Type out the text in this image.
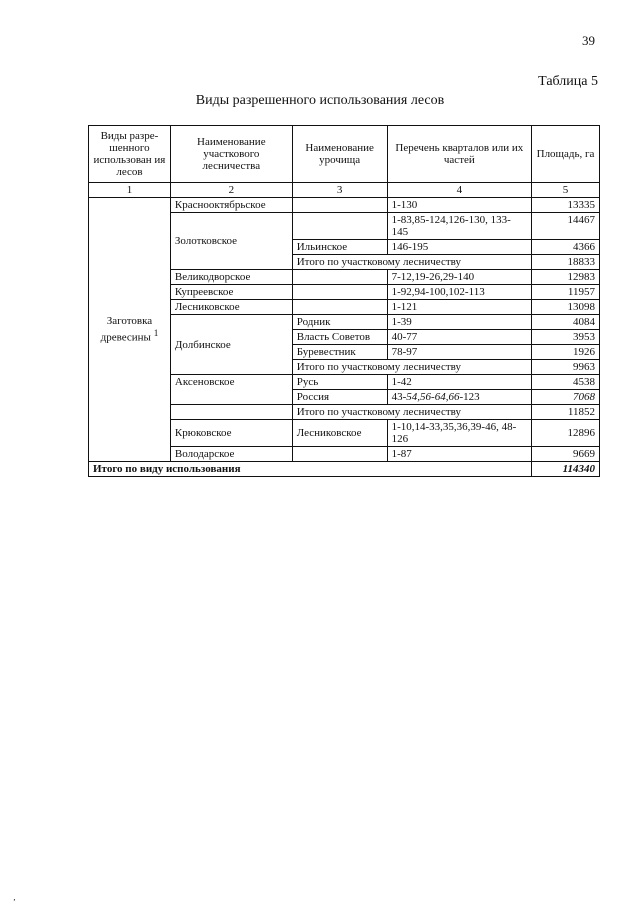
39
Таблица 5
Виды разрешенного использования лесов
Виды разре-шенного использован ия лесов	Наименование участкового лесничества	Наименование урочища	Перечень кварталов или их частей	Площадь, га
1	2	3	4	5
Заготовка древесины $^1$	Краснооктябрьское		1-130	13335
	Золотковское		1-83,85-124,126-130, 133-145	14467
		Ильинское	146-195	4366
		Итого по участковому лесничеству		18833
	Великодворское		7-12,19-26,29-140	12983
	Купреевское		1-92,94-100,102-113	11957
	Лесниковское		1-121	13098
	Долбинское	Родник	1-39	4084
		Власть Советов	40-77	3953
		Буревестник	78-97	1926
		Итого по участковому лесничеству		9963
	Аксеновское	Русь	1-42	4538
		Россия	43-54,56-64,66-123	7068
		Итого по участковому лесничеству		11852
	Крюковское	Лесниковское	1-10,14-33,35,36,39-46, 48-126	12896
	Володарское		1-87	9669
Итого по виду использования				114340
‚
